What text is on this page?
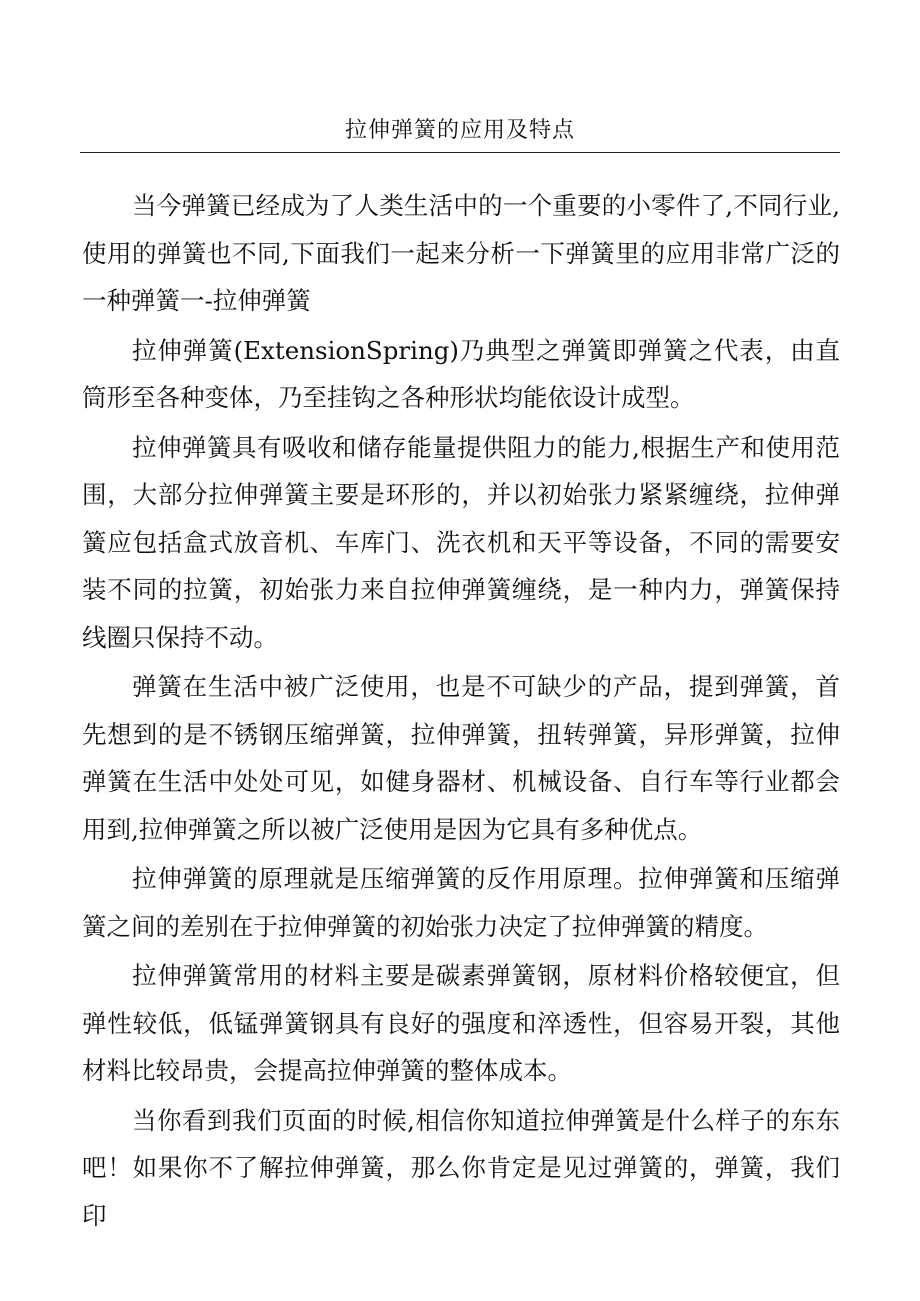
拉伸弹簧的应用及特点

当今弹簧已经成为了人类生活中的一个重要的小零件了,不同行业,使用的弹簧也不同,下面我们一起来分析一下弹簧里的应用非常广泛的一种弹簧一-拉伸弹簧

拉伸弹簧(ExtensionSpring)乃典型之弹簧即弹簧之代表，由直筒形至各种变体，乃至挂钩之各种形状均能依设计成型。

拉伸弹簧具有吸收和储存能量提供阻力的能力,根据生产和使用范围，大部分拉伸弹簧主要是环形的，并以初始张力紧紧缠绕，拉伸弹簧应包括盒式放音机、车库门、洗衣机和天平等设备，不同的需要安装不同的拉簧，初始张力来自拉伸弹簧缠绕，是一种内力，弹簧保持线圈只保持不动。

弹簧在生活中被广泛使用，也是不可缺少的产品，提到弹簧，首先想到的是不锈钢压缩弹簧，拉伸弹簧，扭转弹簧，异形弹簧，拉伸弹簧在生活中处处可见，如健身器材、机械设备、自行车等行业都会用到,拉伸弹簧之所以被广泛使用是因为它具有多种优点。

拉伸弹簧的原理就是压缩弹簧的反作用原理。拉伸弹簧和压缩弹簧之间的差别在于拉伸弹簧的初始张力决定了拉伸弹簧的精度。

拉伸弹簧常用的材料主要是碳素弹簧钢，原材料价格较便宜，但弹性较低，低锰弹簧钢具有良好的强度和淬透性，但容易开裂，其他材料比较昂贵，会提高拉伸弹簧的整体成本。

当你看到我们页面的时候,相信你知道拉伸弹簧是什么样子的东东吧！如果你不了解拉伸弹簧，那么你肯定是见过弹簧的，弹簧，我们印
